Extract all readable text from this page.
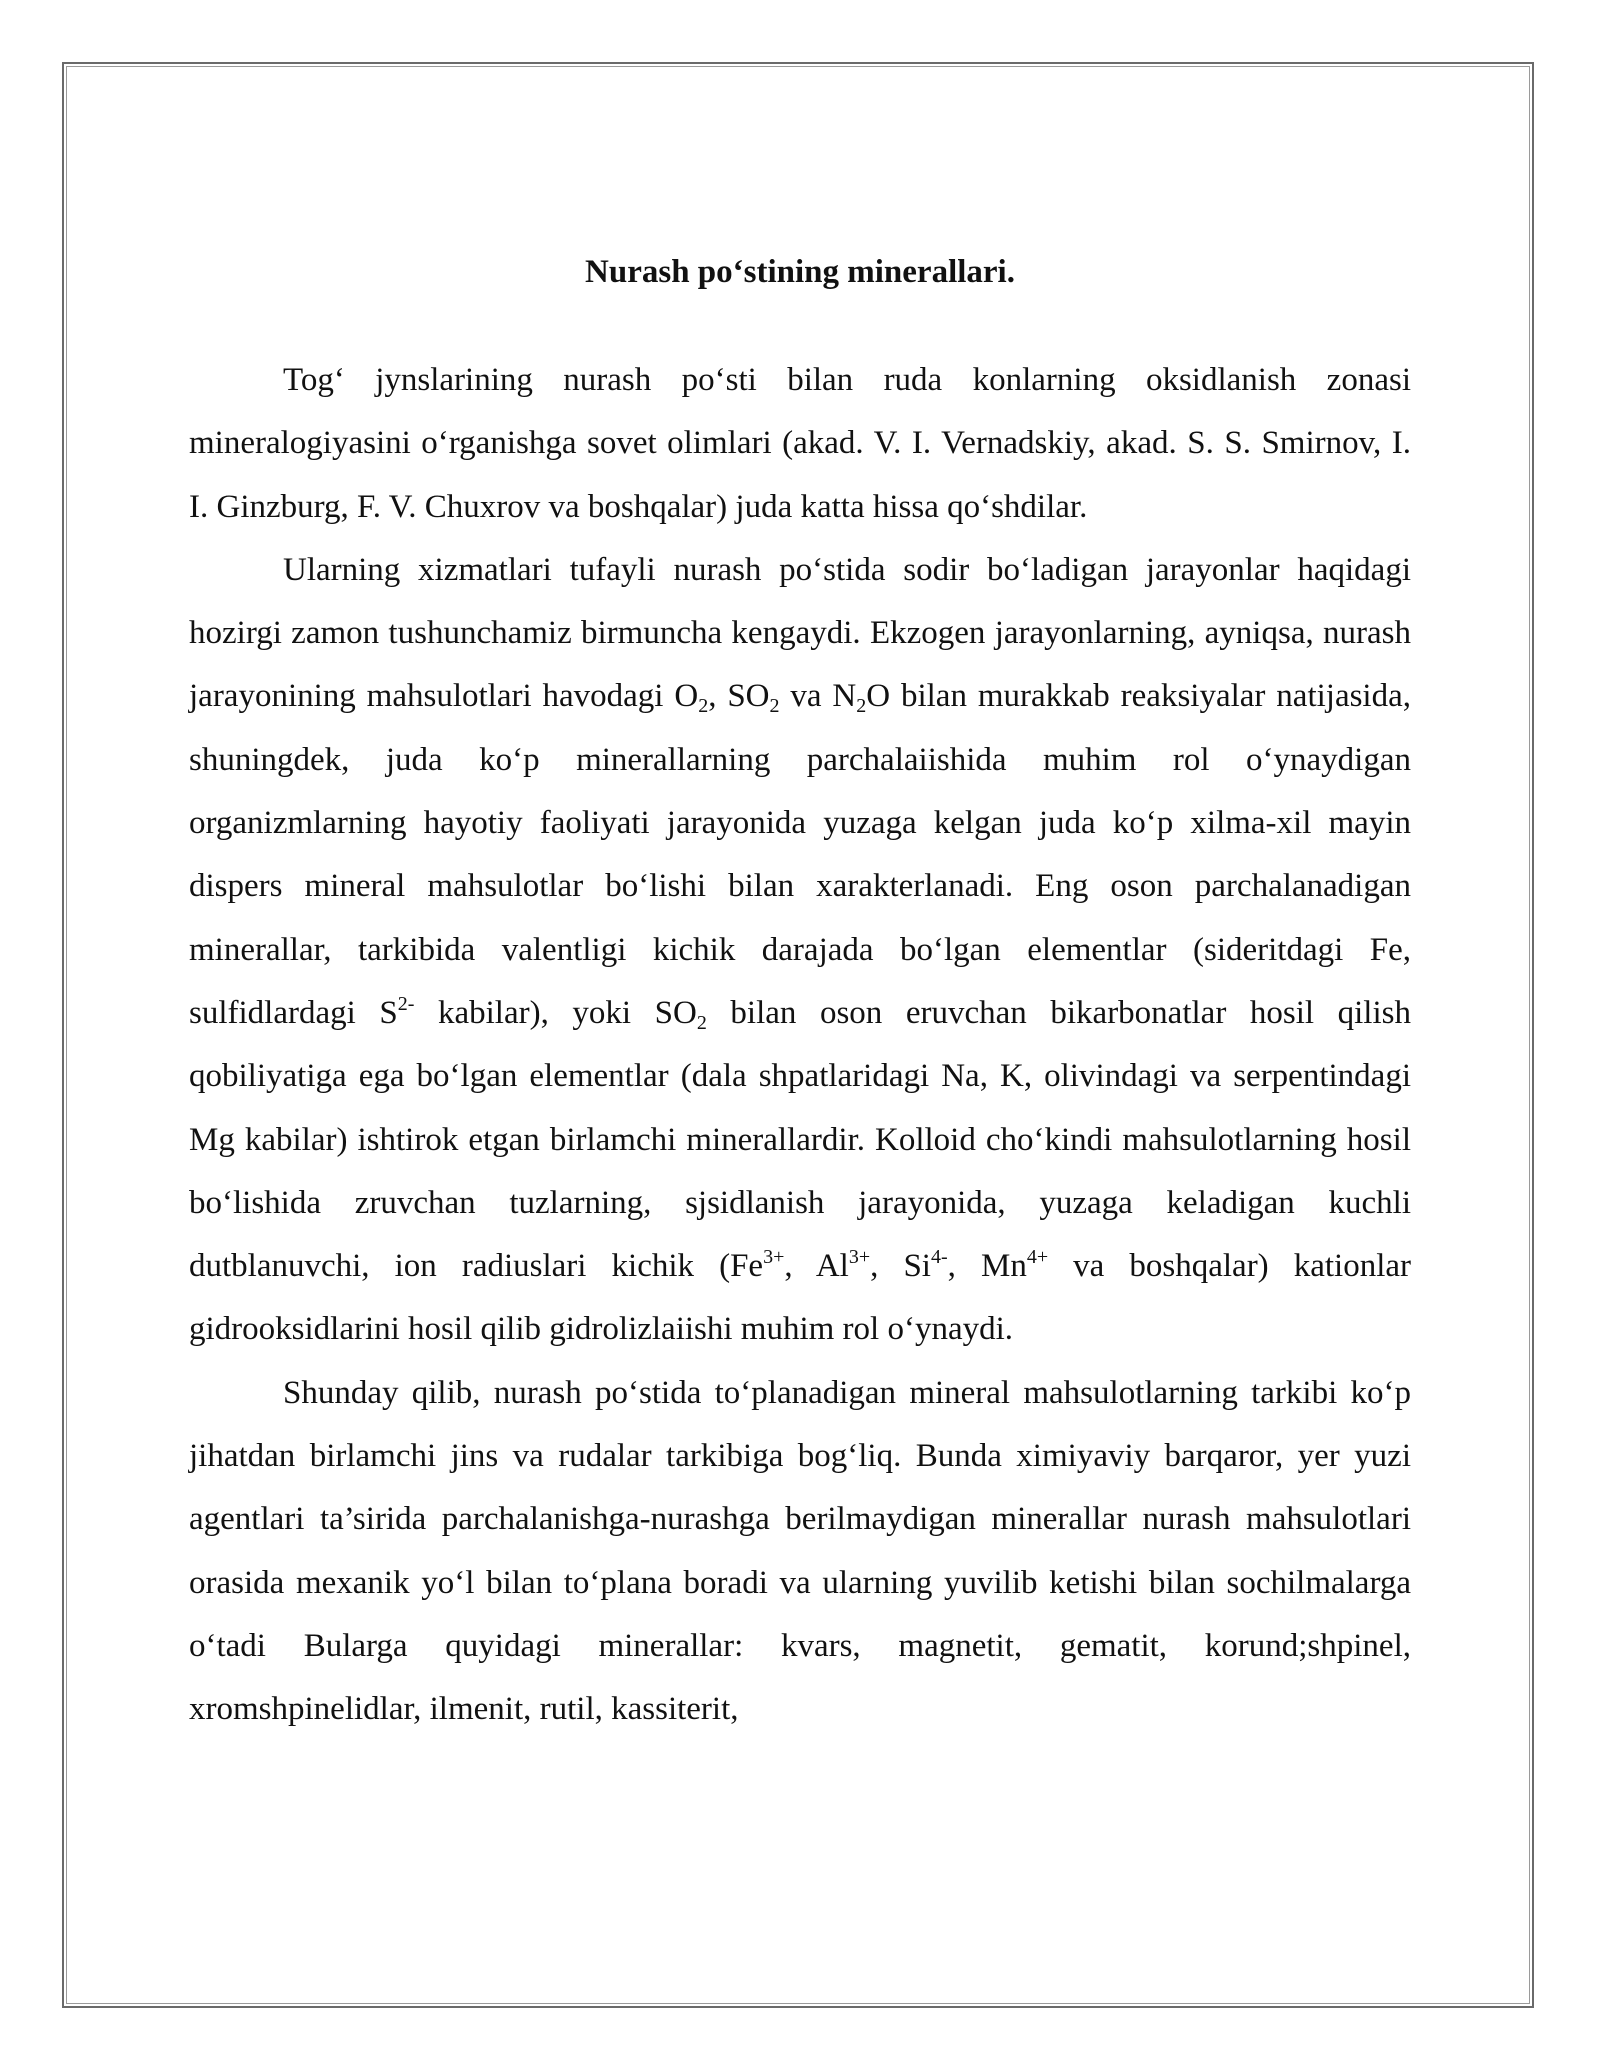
Nurash po‘stining minerallari.

Tog‘ jynslarining nurash po‘sti bilan ruda konlarning oksidlanish zonasi mineralogiyasini o‘rganishga sovet olimlari (akad. V. I. Vernadskiy, akad. S. S. Smirnov, I. I. Ginzburg, F. V. Chuxrov va boshqalar) juda katta hissa qo‘shdilar.

Ularning xizmatlari tufayli nurash po‘stida sodir bo‘ladigan jarayonlar haqidagi hozirgi zamon tushunchamiz birmuncha kengaydi. Ekzogen jarayonlarning, ayniqsa, nurash jarayonining mahsulotlari havodagi $O_2$, $SO_2$ va $N_2O$ bilan murakkab reaksiyalar natijasida, shuningdek, juda ko‘p minerallarning parchalaiishida muhim rol o‘ynaydigan organizmlarning hayotiy faoliyati jarayonida yuzaga kelgan juda ko‘p xilma-xil mayin dispers mineral mahsulotlar bo‘lishi bilan xarakterlanadi. Eng oson parchalanadigan minerallar, tarkibida valentligi kichik darajada bo‘lgan elementlar (sideritdagi Fe, sulfidlardagi $S^{2-}$ kabilar), yoki $SO_2$ bilan oson eruvchan bikarbonatlar hosil qilish qobiliyatiga ega bo‘lgan elementlar (dala shpatlaridagi Na, K, olivindagi va serpentindagi Mg kabilar) ishtirok etgan birlamchi minerallardir. Kolloid cho‘kindi mahsulotlarning hosil bo‘lishida zruvchan tuzlarning, sjsidlanish jarayonida, yuzaga keladigan kuchli dutblanuvchi, ion radiuslari kichik ($Fe^{3+}$, $Al^{3+}$, $Si^{4-}$, $Mn^{4+}$ va boshqalar) kationlar gidrooksidlarini hosil qilib gidrolizlaiishi muhim rol o‘ynaydi.

Shunday qilib, nurash po‘stida to‘planadigan mineral mahsulotlarning tarkibi ko‘p jihatdan birlamchi jins va rudalar tarkibiga bog‘liq. Bunda ximiyaviy barqaror, yer yuzi agentlari ta’sirida parchalanishga-nurashga berilmaydigan minerallar nurash mahsulotlari orasida mexanik yo‘l bilan to‘plana boradi va ularning yuvilib ketishi bilan sochilmalarga o‘tadi Bularga quyidagi minerallar: kvars, magnetit, gematit, korund;shpinel, xromshpinelidlar, ilmenit, rutil, kassiterit,
